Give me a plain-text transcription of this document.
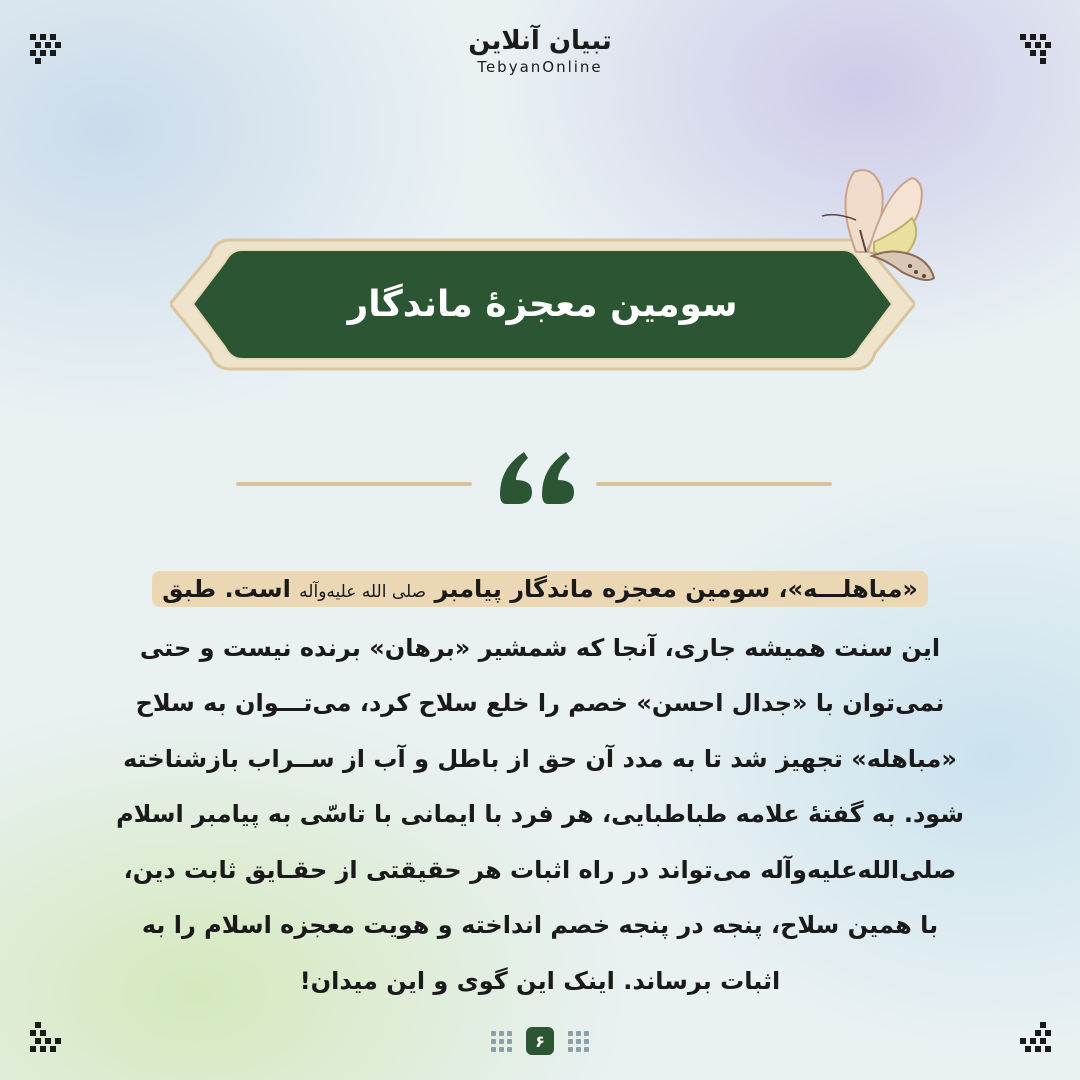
تبیان آنلاین
TebyanOnline
سومین معجزهٔ ماندگار
«مباهلـــه»، سومین معجزه ماندگار پیامبر صلی الله علیه‌وآله است. طبق
این سنت همیشه جاری، آنجا که شمشیر «برهان» برنده نیست و حتی
نمی‌توان با «جدال احسن» خصم را خلع سلاح کرد، می‌تـــوان به سلاح
«مباهله» تجهیز شد تا به مدد آن حق از باطل و آب از ســراب بازشناخته
شود. به گفتهٔ علامه طباطبایی، هر فرد با ایمانی با تاسّی به پیامبر اسلام
صلی‌الله‌علیه‌وآله می‌تواند در راه اثبات هر حقیقتی از حقـایق ثابت دین،
با همین سلاح، پنجه در پنجه خصم انداخته و هویت معجزه اسلام را به
اثبات برساند. اینک این گوی و این میدان!
۶
